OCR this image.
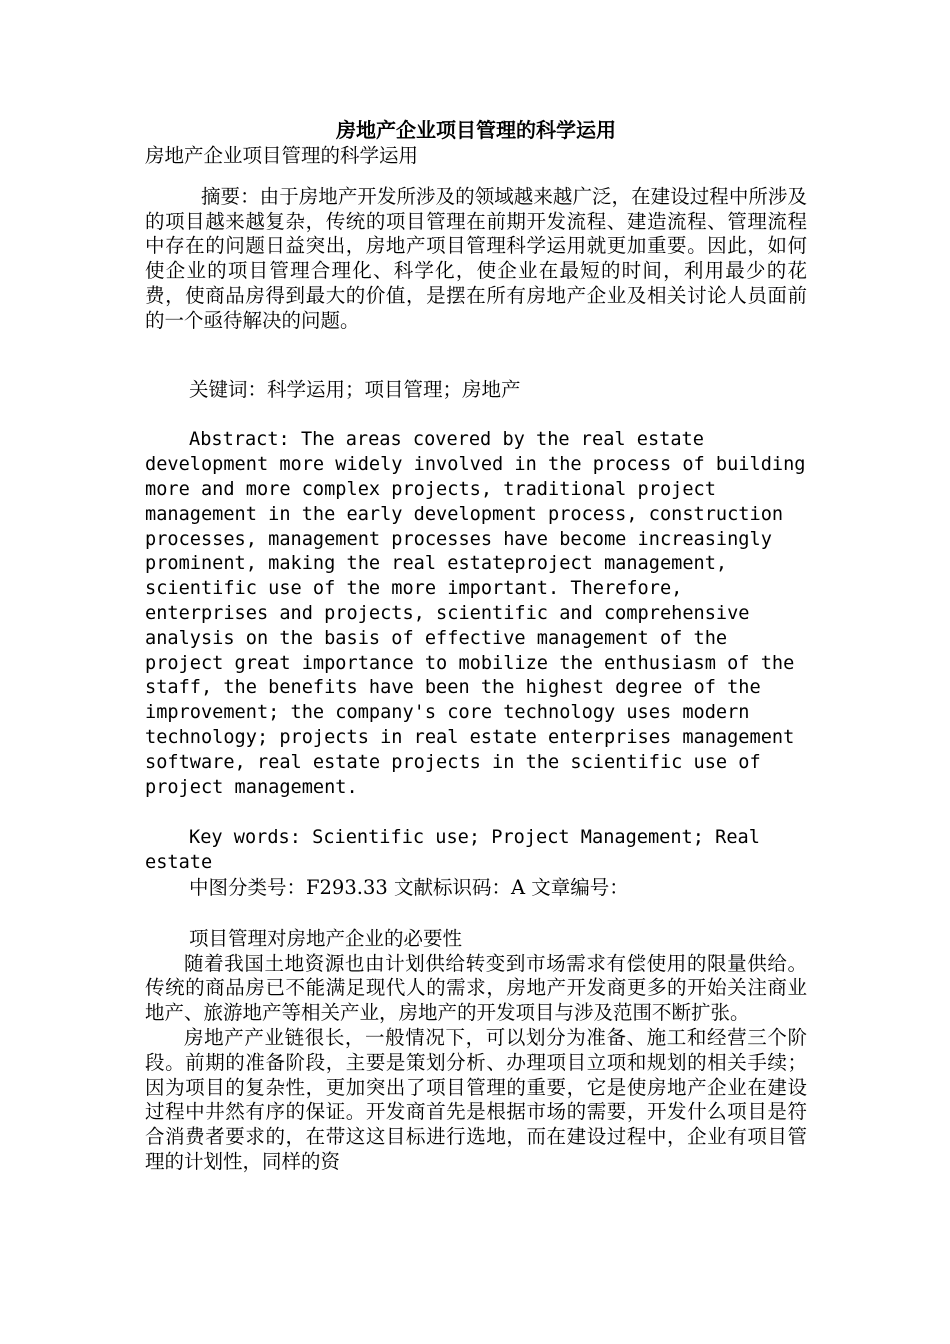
房地产企业项目管理的科学运用

房地产企业项目管理的科学运用

摘要：由于房地产开发所涉及的领域越来越广泛，在建设过程中所涉及的项目越来越复杂，传统的项目管理在前期开发流程、建造流程、管理流程中存在的问题日益突出，房地产项目管理科学运用就更加重要。因此，如何使企业的项目管理合理化、科学化，使企业在最短的时间，利用最少的花费，使商品房得到最大的价值，是摆在所有房地产企业及相关讨论人员面前的一个亟待解决的问题。

关键词：科学运用；项目管理；房地产

Abstract: The areas covered by the real estate development more widely involved in the process of building more and more complex projects, traditional project management in the early development process, construction processes, management processes have become increasingly prominent, making the real estateproject management, scientific use of the more important. Therefore, enterprises and projects, scientific and comprehensive analysis on the basis of effective management of the project great importance to mobilize the enthusiasm of the staff, the benefits have been the highest degree of the improvement; the company's core technology uses modern technology; projects in real estate enterprises management software, real estate projects in the scientific use of project management.

Key words: Scientific use; Project Management; Real estate

中图分类号：F293.33 文献标识码：A 文章编号：

项目管理对房地产企业的必要性

随着我国土地资源也由计划供给转变到市场需求有偿使用的限量供给。传统的商品房已不能满足现代人的需求，房地产开发商更多的开始关注商业地产、旅游地产等相关产业，房地产的开发项目与涉及范围不断扩张。

房地产产业链很长，一般情况下，可以划分为准备、施工和经营三个阶段。前期的准备阶段，主要是策划分析、办理项目立项和规划的相关手续；因为项目的复杂性，更加突出了项目管理的重要，它是使房地产企业在建设过程中井然有序的保证。开发商首先是根据市场的需要，开发什么项目是符合消费者要求的，在带这这目标进行选地，而在建设过程中，企业有项目管理的计划性，同样的资
